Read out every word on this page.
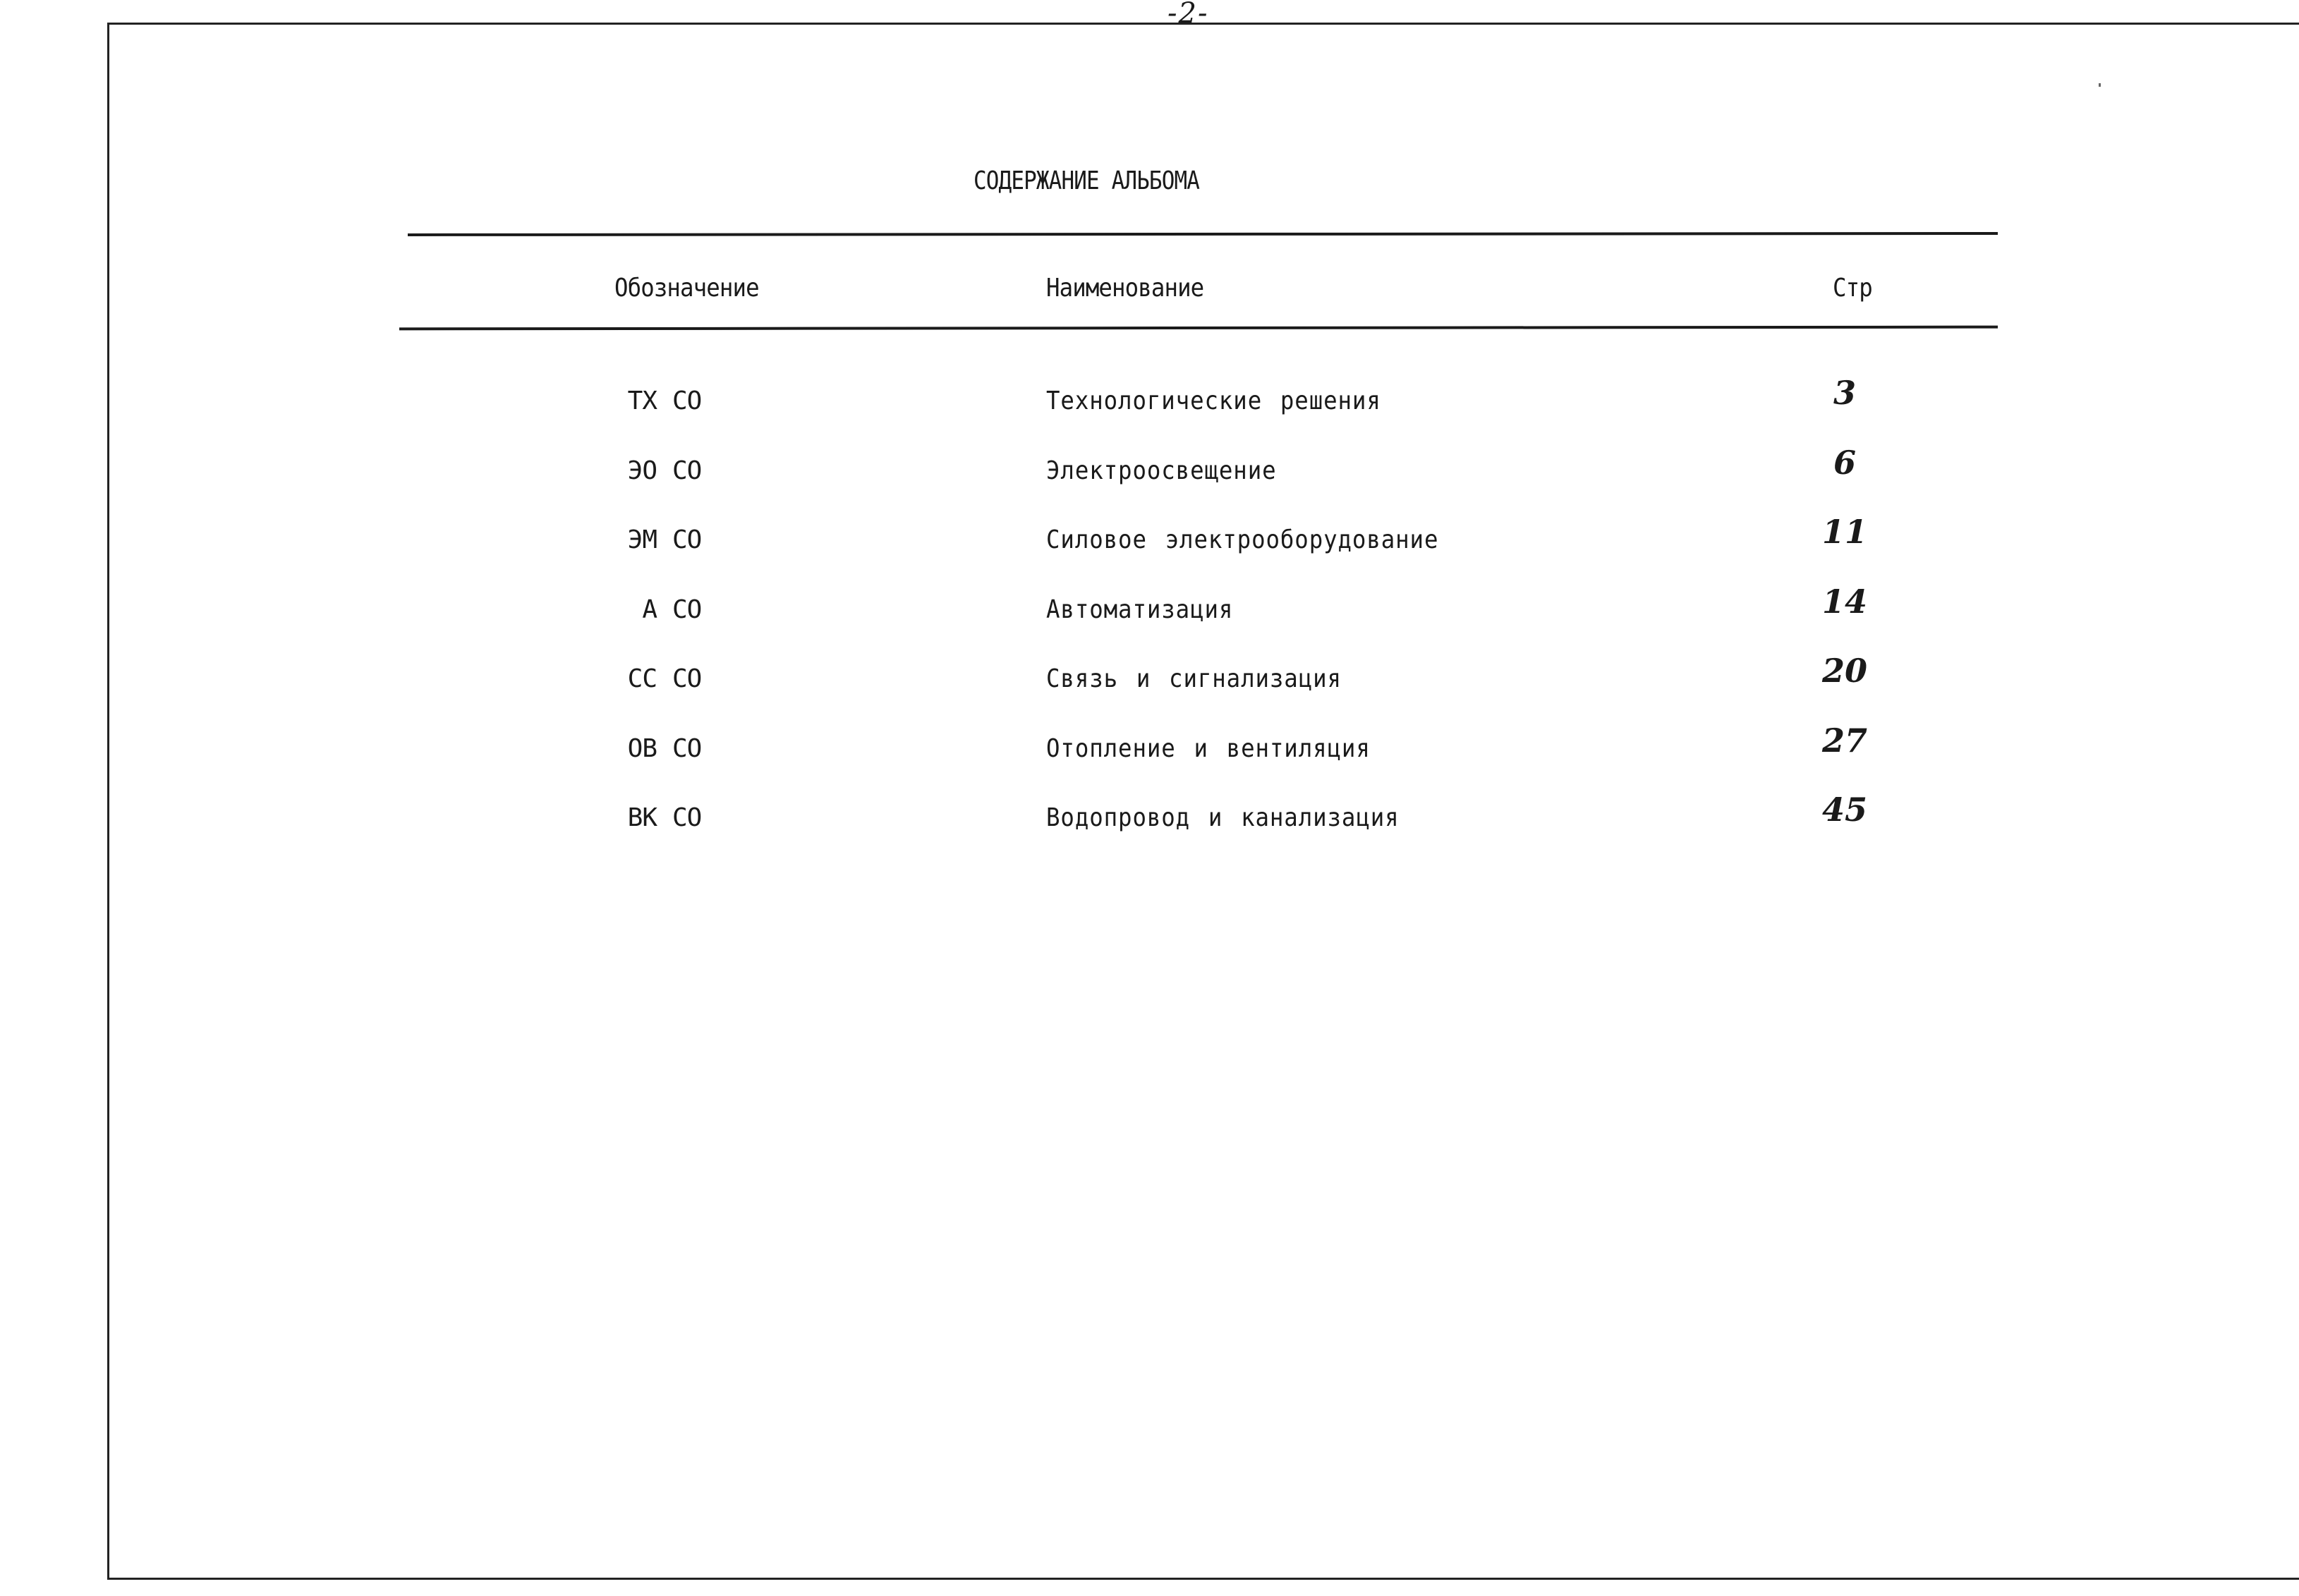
-2-
СОДЕРЖАНИЕ АЛЬБОМА
Обозначение	Наименование	Стр
ТХ СО	Технологические решения	3
ЭО СО	Электроосвещение	6
ЭМ СО	Силовое электрооборудование	11
А СО	Автоматизация	14
СС СО	Связь и сигнализация	20
ОВ СО	Отопление и вентиляция	27
ВК СО	Водопровод и канализация	45
